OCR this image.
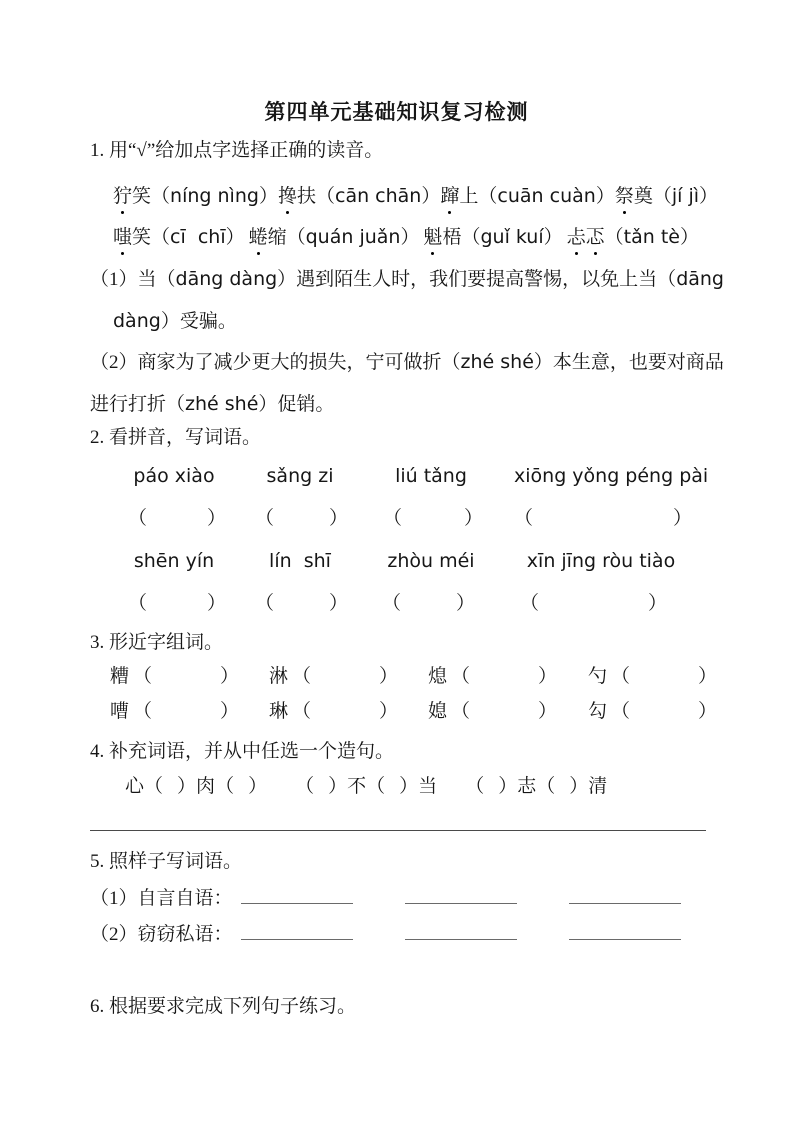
第四单元基础知识复习检测
1. 用“√”给加点字选择正确的读音。
狞笑（níng nìng） 搀扶（cān chān） 蹿上（cuān cuàn） 祭奠（jí jì）
嗤笑（cī  chī） 蜷缩（quán juǎn） 魁梧（guǐ kuí） 忐忑（tǎn tè）
（1）当（dāng dàng）遇到陌生人时，我们要提高警惕，以免上当（dāng
dàng）受骗。
（2）商家为了减少更大的损失，宁可做折（zhé shé）本生意，也要对商品
进行打折（zhé shé）促销。
2. 看拼音，写词语。
páo xiào	sǎng zi	liú tǎng	xiōng yǒng péng pài
（	） （	） （	） （	）
shēn yín	lín  shī	zhòu méi	xīn jīng ròu tiào
（	） （	） （	） （	）
3. 形近字组词。
糟 （	） 淋 （	） 熄 （	） 勺 （	）
嘈 （	） 琳 （	） 媳 （	） 勾 （	）
4. 补充词语，并从中任选一个造句。
心（ ）肉（ ） （ ）不（ ）当 （ ）志（ ）清
5. 照样子写词语。
（1）自言自语：
（2）窃窃私语：
6. 根据要求完成下列句子练习。
